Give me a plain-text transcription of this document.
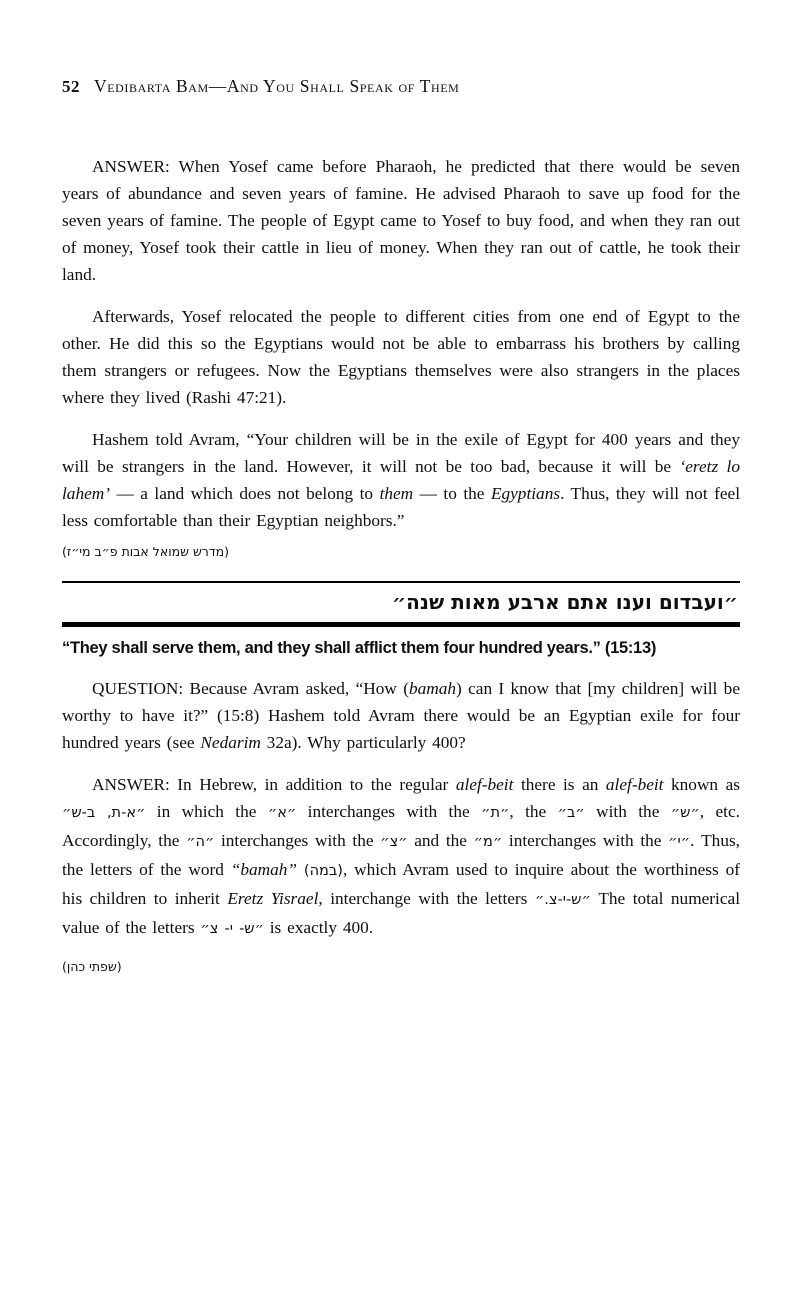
52 Vedibarta Bam—And You Shall Speak of Them

ANSWER: When Yosef came before Pharaoh, he predicted that there would be seven years of abundance and seven years of famine. He advised Pharaoh to save up food for the seven years of famine. The people of Egypt came to Yosef to buy food, and when they ran out of money, Yosef took their cattle in lieu of money. When they ran out of cattle, he took their land.

Afterwards, Yosef relocated the people to different cities from one end of Egypt to the other. He did this so the Egyptians would not be able to embarrass his brothers by calling them strangers or refugees. Now the Egyptians themselves were also strangers in the places where they lived (Rashi 47:21).

Hashem told Avram, “Your children will be in the exile of Egypt for 400 years and they will be strangers in the land. However, it will not be too bad, because it will be ‘eretz lo lahem’ — a land which does not belong to them — to the Egyptians. Thus, they will not feel less comfortable than their Egyptian neighbors.”

(מדרש שמואל אבות פ״ב מי״ז)
״ועבדום וענו אתם ארבע מאות שנה״

“They shall serve them, and they shall afflict them four hundred years.” (15:13)

QUESTION: Because Avram asked, “How (bamah) can I know that [my children] will be worthy to have it?” (15:8) Hashem told Avram there would be an Egyptian exile for four hundred years (see Nedarim 32a). Why particularly 400?

ANSWER: In Hebrew, in addition to the regular alef-beit there is an alef-beit known as ״א-ת, ב-ש״ in which the ״א״ interchanges with the ״ת״, the ״ב״ with the ״ש״, etc. Accordingly, the ״ה״ interchanges with the ״צ״ and the ״מ״ interchanges with the ״י״. Thus, the letters of the word “bamah” (במה), which Avram used to inquire about the worthiness of his children to inherit Eretz Yisrael, interchange with the letters ״ש-י-צ.״ The total numerical value of the letters ״ש- י- צ״ is exactly 400.

(שפתי כהן)
